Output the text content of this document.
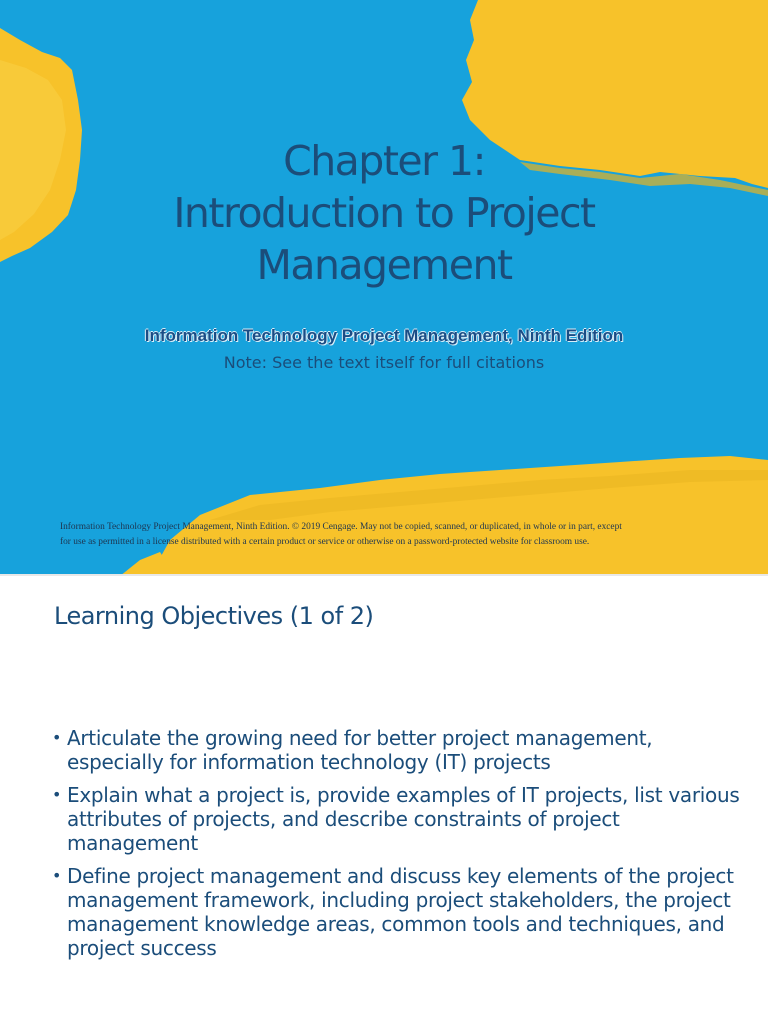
Chapter 1:
Introduction to Project
Management
Information Technology Project Management, Ninth Edition
Note: See the text itself for full citations
Information Technology Project Management, Ninth Edition. © 2019 Cengage. May not be copied, scanned, or duplicated, in whole or in part, except
for use as permitted in a license distributed with a certain product or service or otherwise on a password-protected website for classroom use.
Learning Objectives (1 of 2)
• Articulate the growing need for better project management, especially for information technology (IT) projects
• Explain what a project is, provide examples of IT projects, list various attributes of projects, and describe constraints of project management
• Define project management and discuss key elements of the project management framework, including project stakeholders, the project management knowledge areas, common tools and techniques, and project success
